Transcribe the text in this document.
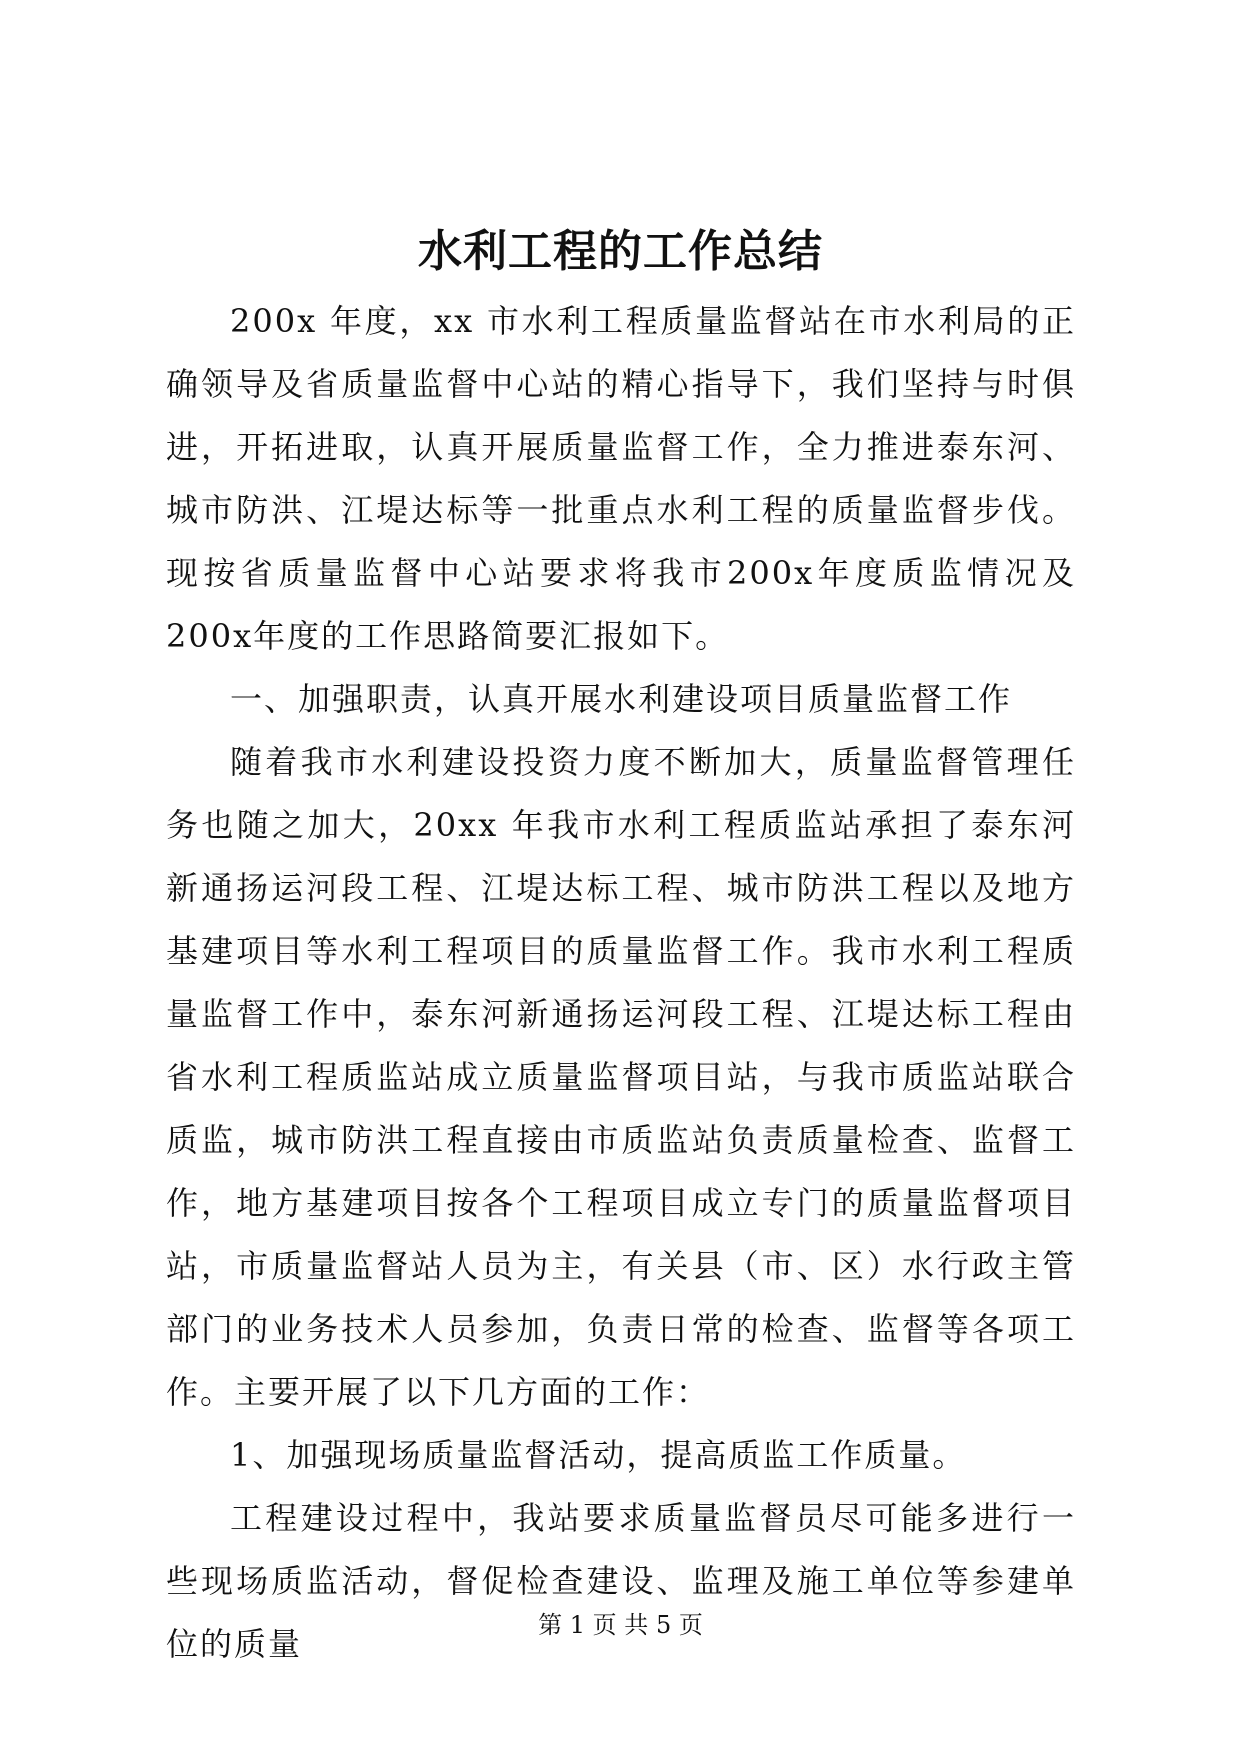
水利工程的工作总结

200x 年度，xx 市水利工程质量监督站在市水利局的正确领导及省质量监督中心站的精心指导下，我们坚持与时俱进，开拓进取，认真开展质量监督工作，全力推进泰东河、城市防洪、江堤达标等一批重点水利工程的质量监督步伐。现按省质量监督中心站要求将我市200x年度质监情况及200x年度的工作思路简要汇报如下。

一、加强职责，认真开展水利建设项目质量监督工作

随着我市水利建设投资力度不断加大，质量监督管理任务也随之加大，20xx 年我市水利工程质监站承担了泰东河新通扬运河段工程、江堤达标工程、城市防洪工程以及地方基建项目等水利工程项目的质量监督工作。我市水利工程质量监督工作中，泰东河新通扬运河段工程、江堤达标工程由省水利工程质监站成立质量监督项目站，与我市质监站联合质监，城市防洪工程直接由市质监站负责质量检查、监督工作，地方基建项目按各个工程项目成立专门的质量监督项目站，市质量监督站人员为主，有关县（市、区）水行政主管部门的业务技术人员参加，负责日常的检查、监督等各项工作。主要开展了以下几方面的工作：

1、加强现场质量监督活动，提高质监工作质量。

工程建设过程中，我站要求质量监督员尽可能多进行一些现场质监活动，督促检查建设、监理及施工单位等参建单位的质量	第 1 页 共 5 页
